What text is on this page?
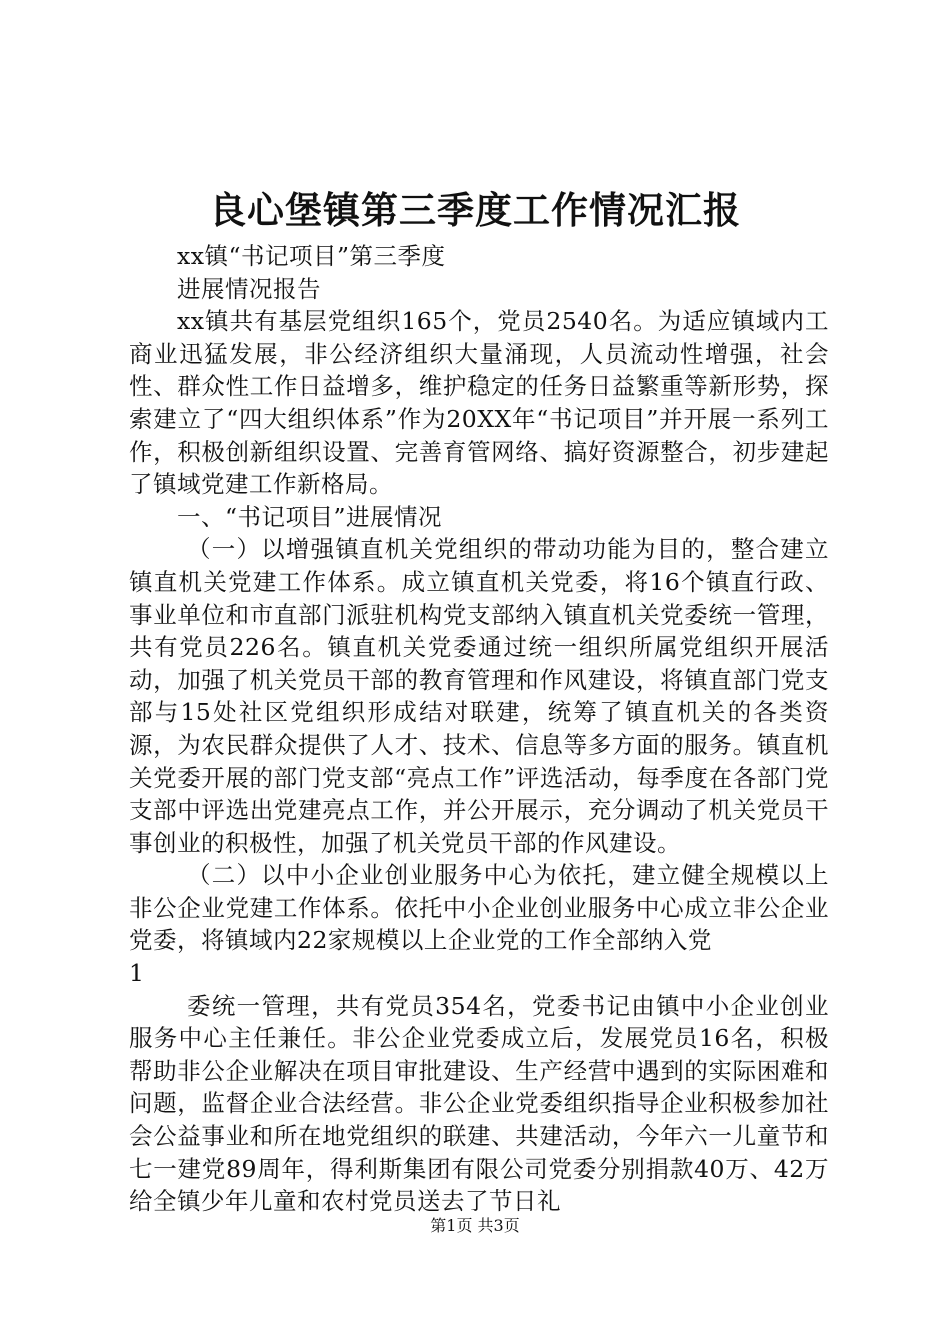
良心堡镇第三季度工作情况汇报

xx镇“书记项目”第三季度

进展情况报告

xx镇共有基层党组织165个，党员2540名。为适应镇域内工商业迅猛发展，非公经济组织大量涌现，人员流动性增强，社会性、群众性工作日益增多，维护稳定的任务日益繁重等新形势，探索建立了“四大组织体系”作为20XX年“书记项目”并开展一系列工作，积极创新组织设置、完善育管网络、搞好资源整合，初步建起了镇域党建工作新格局。

一、“书记项目”进展情况

（一）以增强镇直机关党组织的带动功能为目的，整合建立镇直机关党建工作体系。成立镇直机关党委，将16个镇直行政、事业单位和市直部门派驻机构党支部纳入镇直机关党委统一管理，共有党员226名。镇直机关党委通过统一组织所属党组织开展活动，加强了机关党员干部的教育管理和作风建设，将镇直部门党支部与15处社区党组织形成结对联建，统筹了镇直机关的各类资源，为农民群众提供了人才、技术、信息等多方面的服务。镇直机关党委开展的部门党支部“亮点工作”评选活动，每季度在各部门党支部中评选出党建亮点工作，并公开展示，充分调动了机关党员干事创业的积极性，加强了机关党员干部的作风建设。

（二）以中小企业创业服务中心为依托，建立健全规模以上非公企业党建工作体系。依托中小企业创业服务中心成立非公企业党委，将镇域内22家规模以上企业党的工作全部纳入党

1

委统一管理，共有党员354名，党委书记由镇中小企业创业服务中心主任兼任。非公企业党委成立后，发展党员16名，积极帮助非公企业解决在项目审批建设、生产经营中遇到的实际困难和问题，监督企业合法经营。非公企业党委组织指导企业积极参加社会公益事业和所在地党组织的联建、共建活动，今年六一儿童节和七一建党89周年，得利斯集团有限公司党委分别捐款40万、42万给全镇少年儿童和农村党员送去了节日礼

第1页 共3页
